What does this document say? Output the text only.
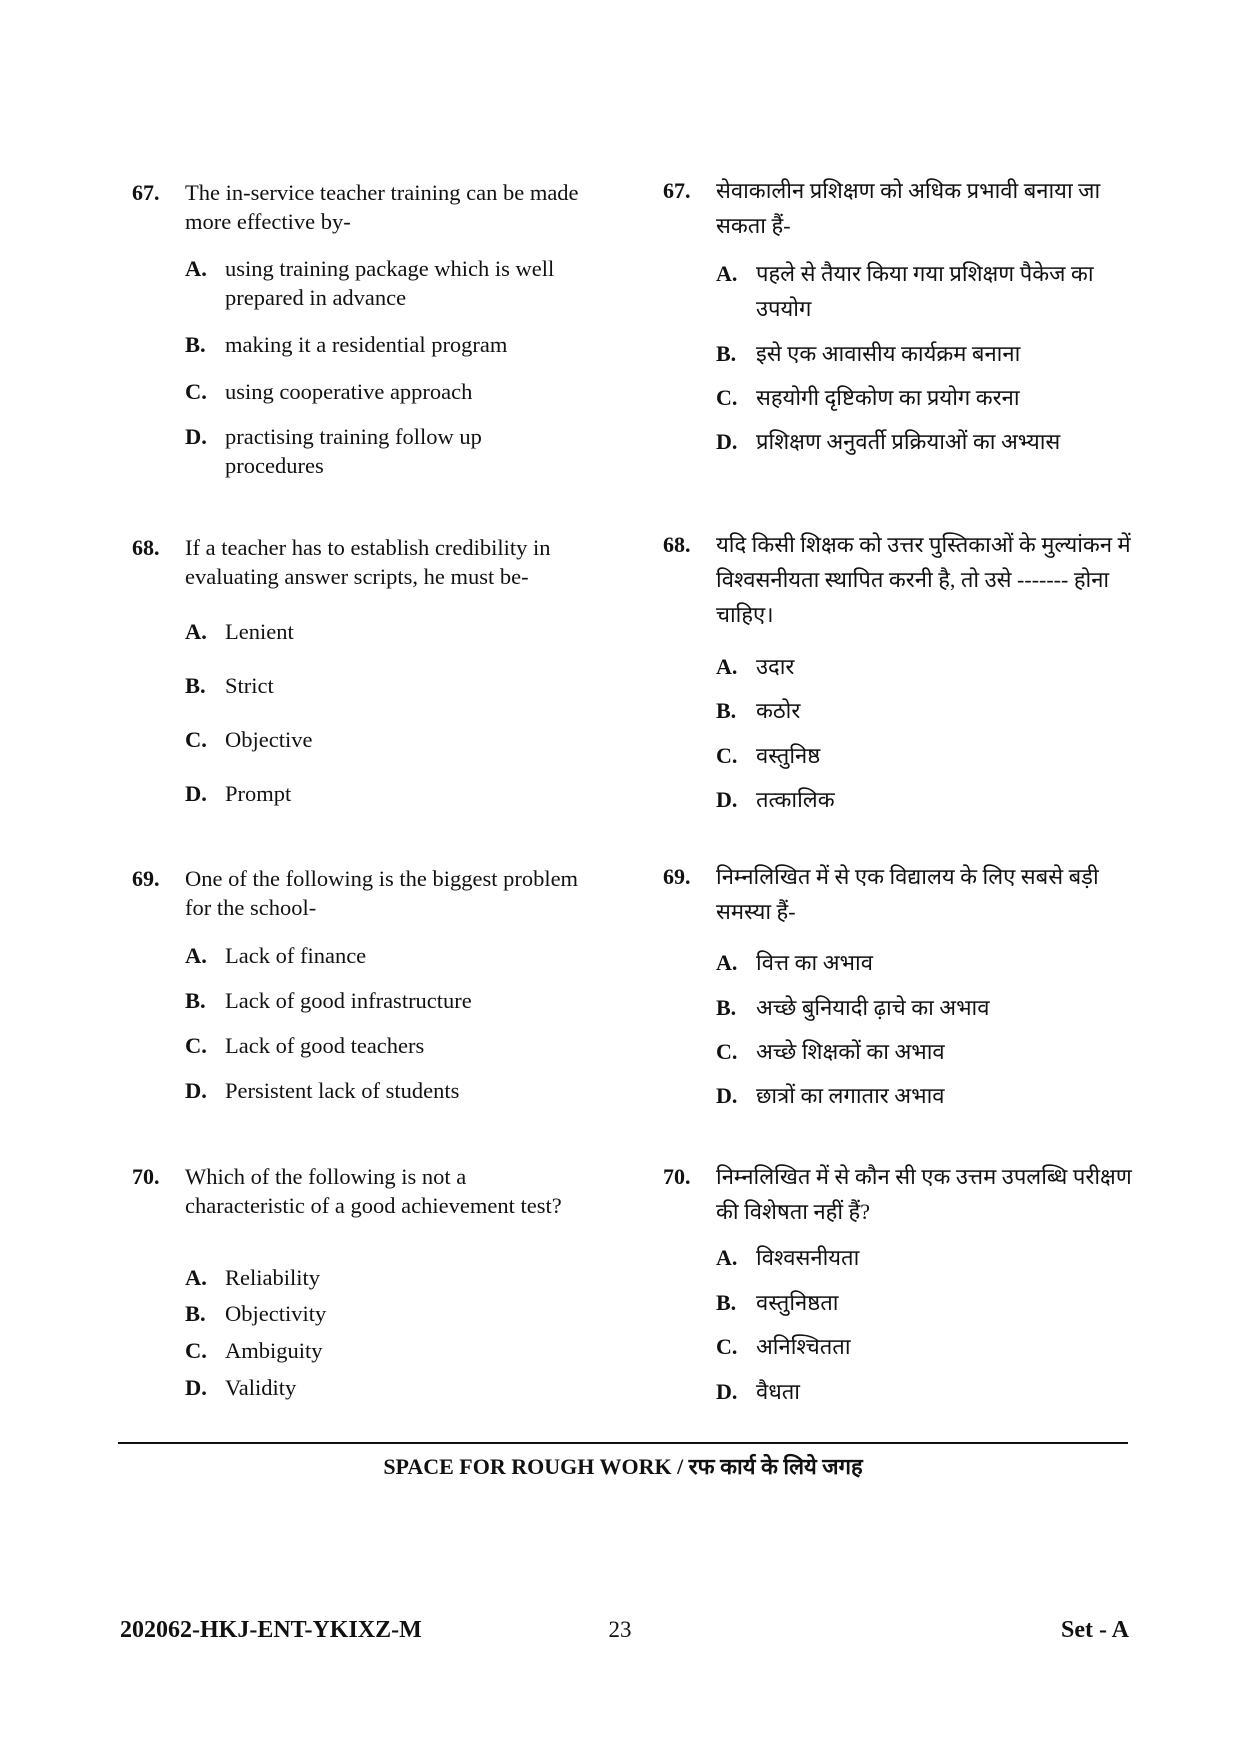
67. The in-service teacher training can be made more effective by-
A. using training package which is well prepared in advance
B. making it a residential program
C. using cooperative approach
D. practising training follow up procedures
68. If a teacher has to establish credibility in evaluating answer scripts, he must be-
A. Lenient
B. Strict
C. Objective
D. Prompt
69. One of the following is the biggest problem for the school-
A. Lack of finance
B. Lack of good infrastructure
C. Lack of good teachers
D. Persistent lack of students
70. Which of the following is not a characteristic of a good achievement test?
A. Reliability
B. Objectivity
C. Ambiguity
D. Validity
67. सेवाकालीन प्रशिक्षण को अधिक प्रभावी बनाया जा सकता हैं-
A. पहले से तैयार किया गया प्रशिक्षण पैकेज का उपयोग
B. इसे एक आवासीय कार्यक्रम बनाना
C. सहयोगी दृष्टिकोण का प्रयोग करना
D. प्रशिक्षण अनुवर्ती प्रक्रियाओं का अभ्यास
68. यदि किसी शिक्षक को उत्तर पुस्तिकाओं के मुल्यांकन में विश्वसनीयता स्थापित करनी है, तो उसे ------- होना चाहिए।
A. उदार
B. कठोर
C. वस्तुनिष्ठ
D. तत्कालिक
69. निम्नलिखित में से एक विद्यालय के लिए सबसे बड़ी समस्या हैं-
A. वित्त का अभाव
B. अच्छे बुनियादी ढ़ाचे का अभाव
C. अच्छे शिक्षकों का अभाव
D. छात्रों का लगातार अभाव
70. निम्नलिखित में से कौन सी एक उत्तम उपलब्धि परीक्षण की विशेषता नहीं हैं?
A. विश्वसनीयता
B. वस्तुनिष्ठता
C. अनिश्चितता
D. वैधता
SPACE FOR ROUGH WORK / रफ कार्य के लिये जगह
202062-HKJ-ENT-YKIXZ-M	23	Set - A
